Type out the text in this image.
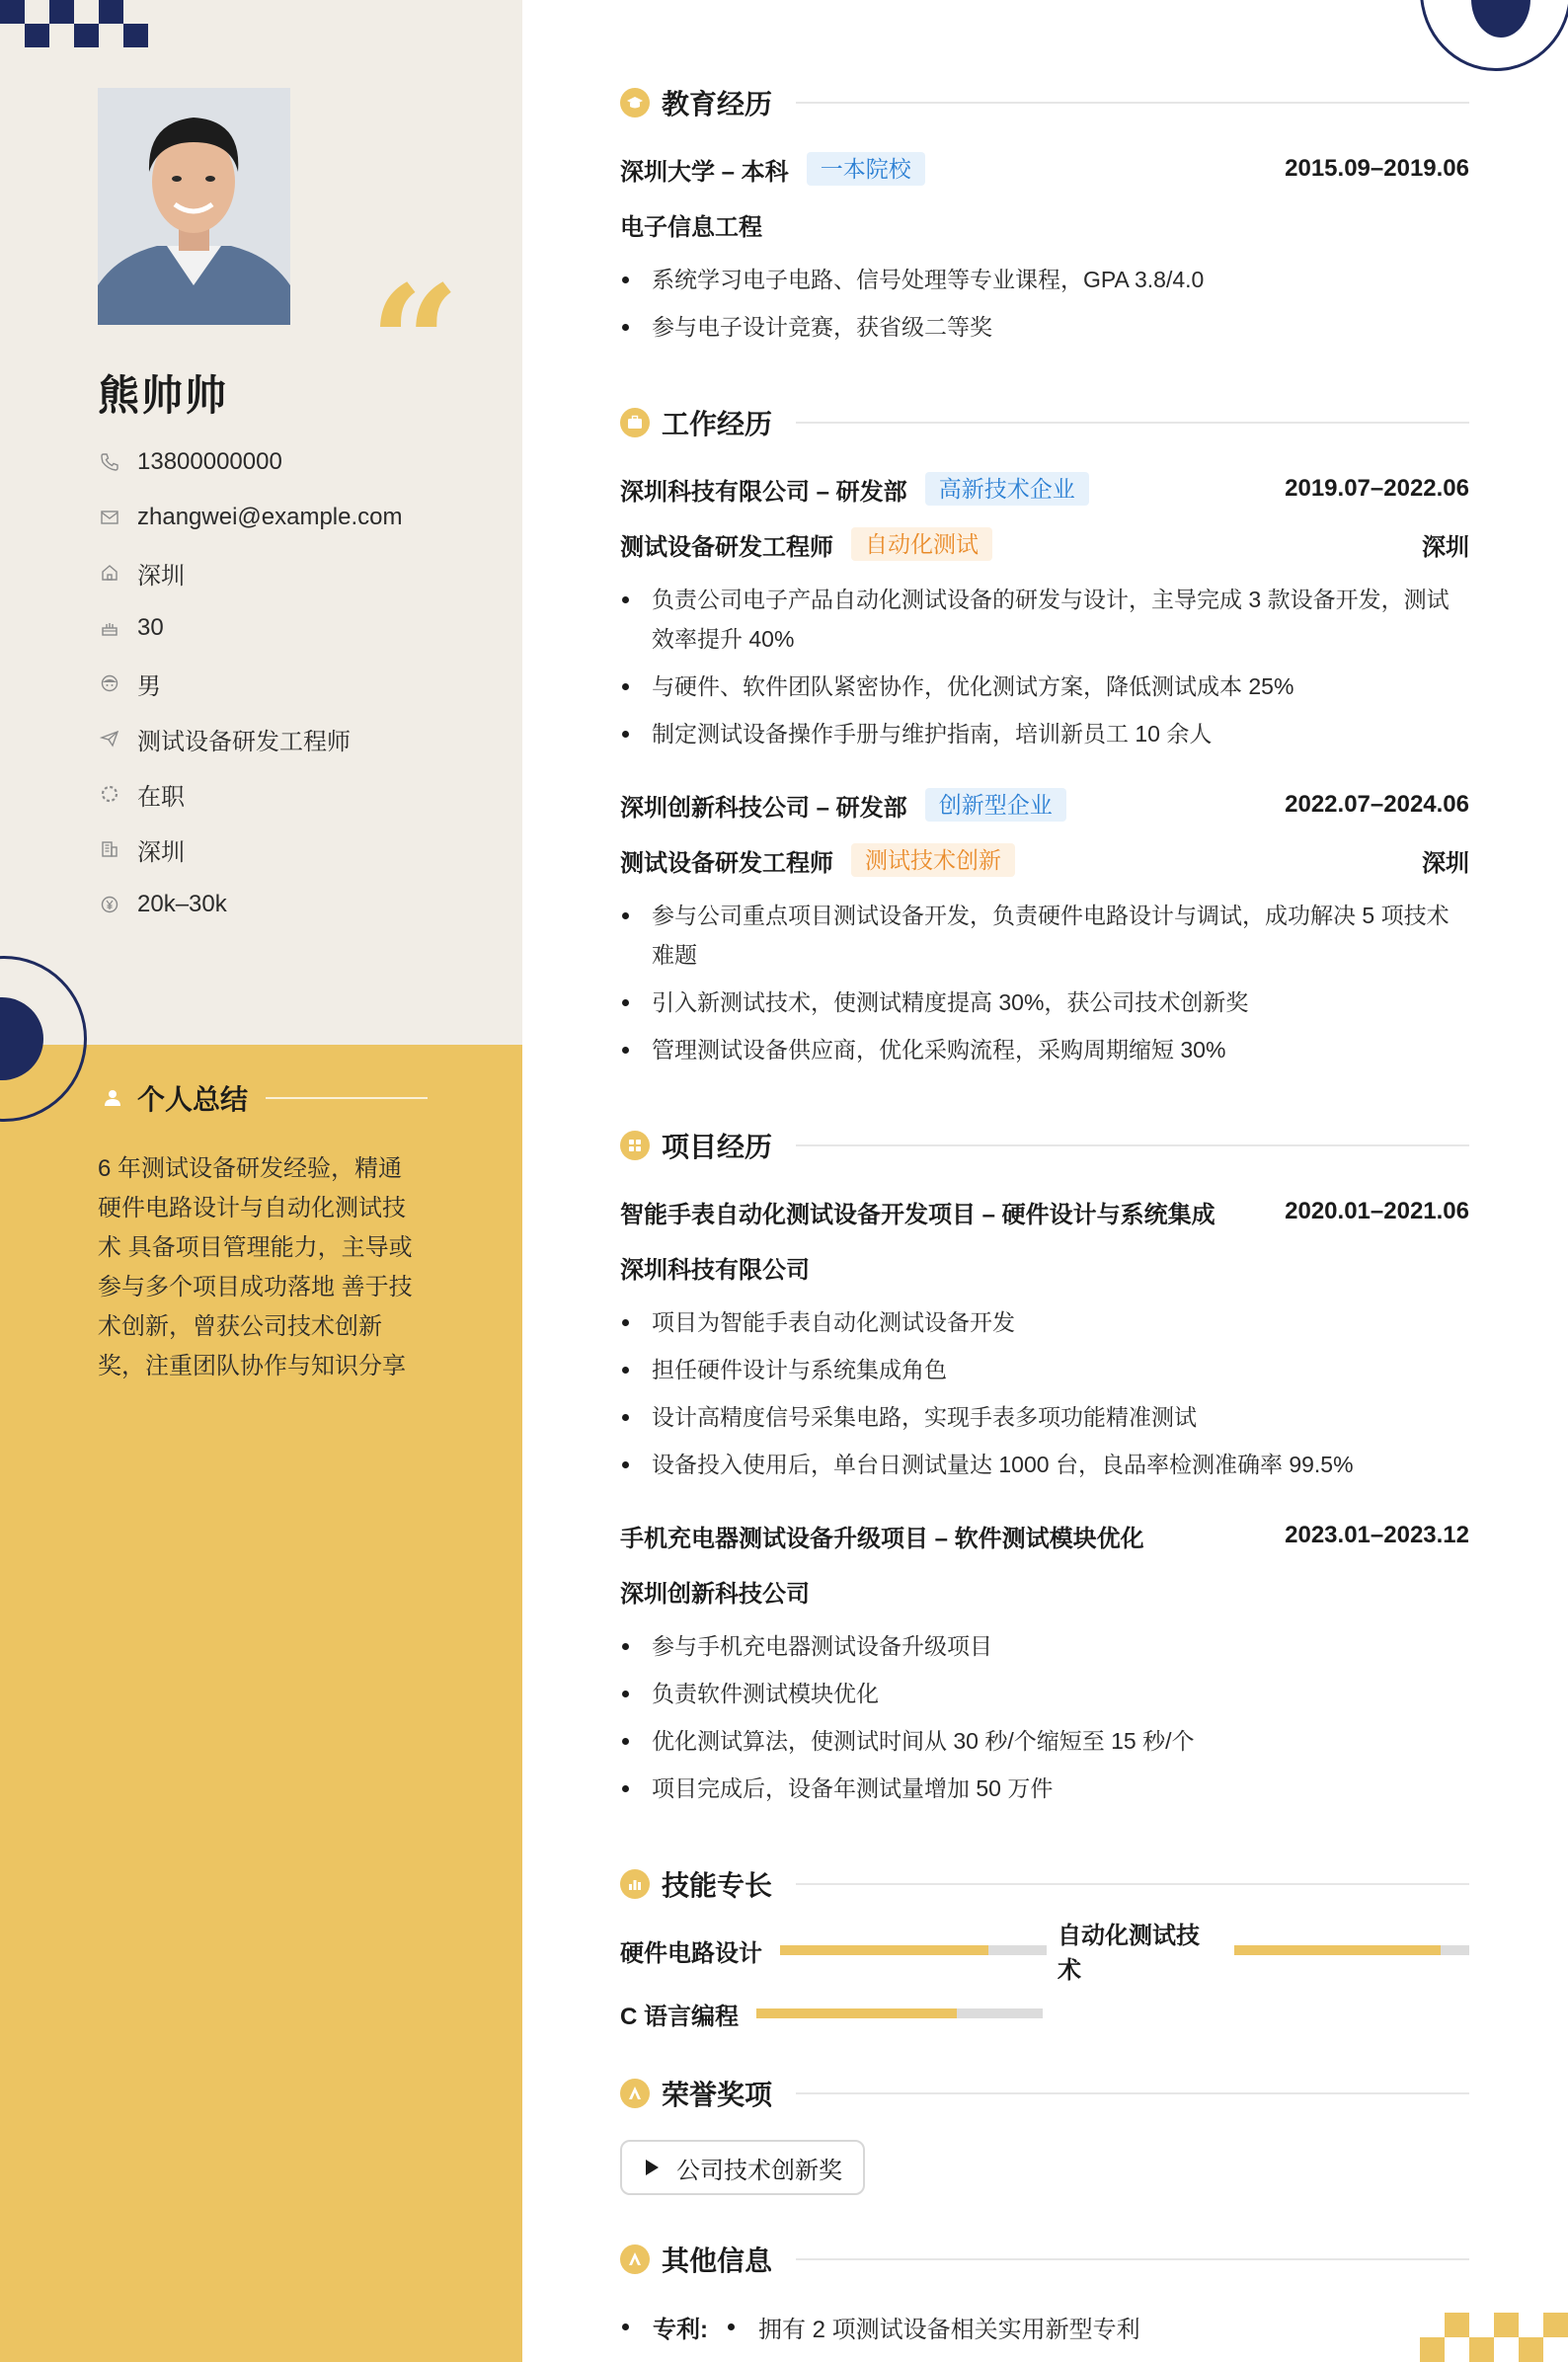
“
熊帅帅
13800000000
zhangwei@example.com
深圳
30
男
测试设备研发工程师
在职
深圳
20k–30k
个人总结
6 年测试设备研发经验，精通硬件电路设计与自动化测试技术 具备项目管理能力，主导或参与多个项目成功落地 善于技术创新，曾获公司技术创新奖，注重团队协作与知识分享
教育经历
深圳大学 – 本科	一本院校	2015.09–2019.06
电子信息工程
系统学习电子电路、信号处理等专业课程，GPA 3.8/4.0
参与电子设计竞赛，获省级二等奖
工作经历
深圳科技有限公司 – 研发部	高新技术企业	2019.07–2022.06
测试设备研发工程师	自动化测试	深圳
负责公司电子产品自动化测试设备的研发与设计，主导完成 3 款设备开发，测试效率提升 40%
与硬件、软件团队紧密协作，优化测试方案，降低测试成本 25%
制定测试设备操作手册与维护指南，培训新员工 10 余人
深圳创新科技公司 – 研发部	创新型企业	2022.07–2024.06
测试设备研发工程师	测试技术创新	深圳
参与公司重点项目测试设备开发，负责硬件电路设计与调试，成功解决 5 项技术难题
引入新测试技术，使测试精度提高 30%，获公司技术创新奖
管理测试设备供应商，优化采购流程，采购周期缩短 30%
项目经历
智能手表自动化测试设备开发项目 – 硬件设计与系统集成	2020.01–2021.06
深圳科技有限公司
项目为智能手表自动化测试设备开发
担任硬件设计与系统集成角色
设计高精度信号采集电路，实现手表多项功能精准测试
设备投入使用后，单台日测试量达 1000 台，良品率检测准确率 99.5%
手机充电器测试设备升级项目 – 软件测试模块优化	2023.01–2023.12
深圳创新科技公司
参与手机充电器测试设备升级项目
负责软件测试模块优化
优化测试算法，使测试时间从 30 秒/个缩短至 15 秒/个
项目完成后，设备年测试量增加 50 万件
技能专长
硬件电路设计
自动化测试技术
C 语言编程
荣誉奖项
公司技术创新奖
其他信息
专利: 拥有 2 项测试设备相关实用新型专利
